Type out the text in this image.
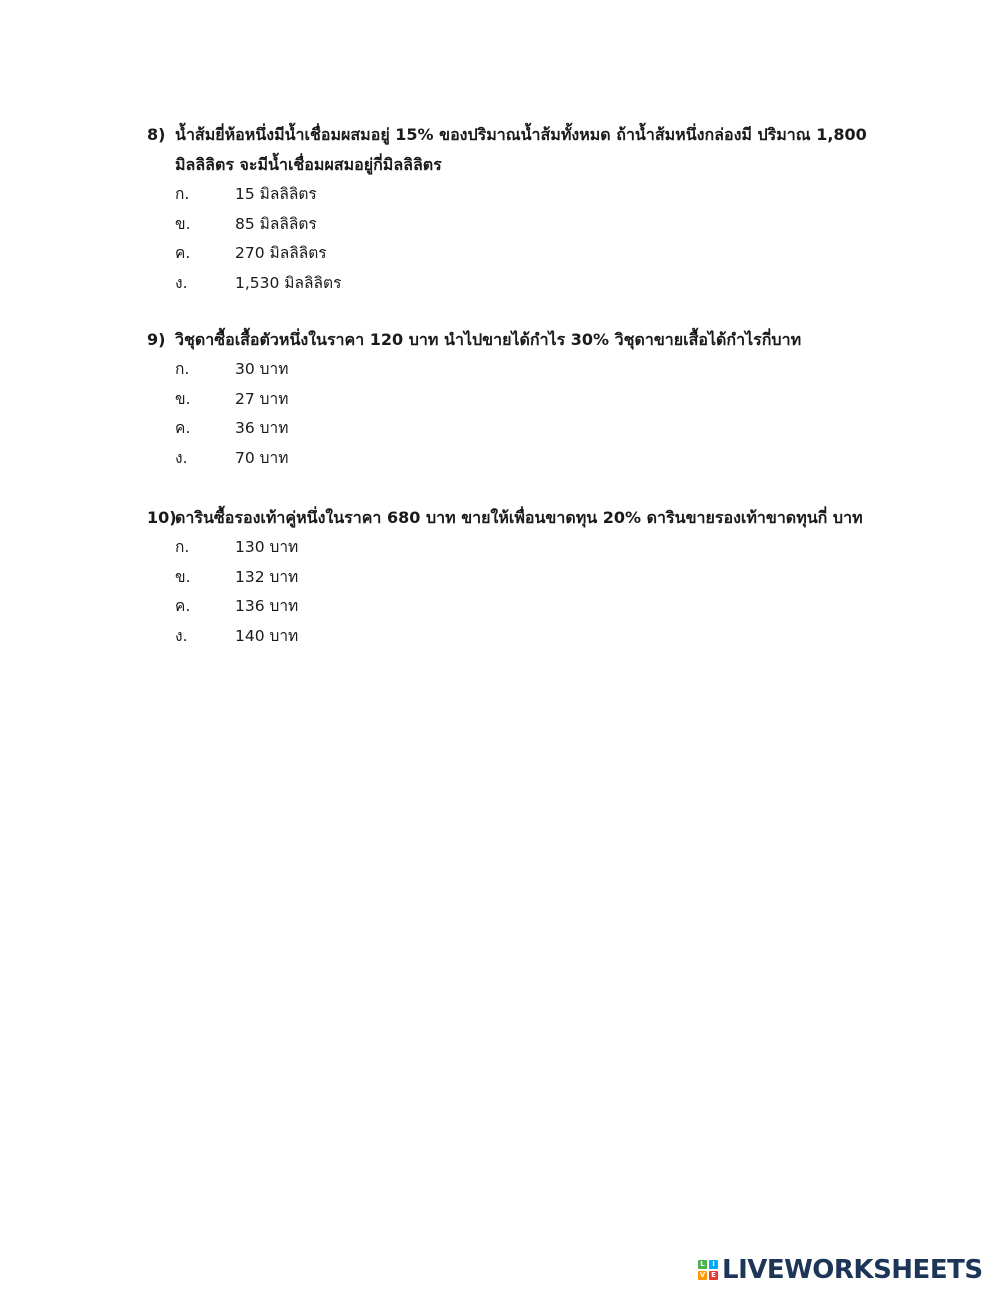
8) น้ำส้มยี่ห้อหนึ่งมีน้ำเชื่อมผสมอยู่ 15% ของปริมาณน้ำส้มทั้งหมด ถ้าน้ำส้มหนึ่งกล่องมี ปริมาณ 1,800 มิลลิลิตร จะมีน้ำเชื่อมผสมอยู่กี่มิลลิลิตร
ก.	15 มิลลิลิตร
ข.	85 มิลลิลิตร
ค.	270 มิลลิลิตร
ง.	1,530 มิลลิลิตร
9) วิชุดาซื้อเสื้อตัวหนึ่งในราคา 120 บาท นำไปขายได้กำไร 30% วิชุดาขายเสื้อได้กำไรกี่บาท
ก.	30 บาท
ข.	27 บาท
ค.	36 บาท
ง.	70 บาท
10)
ดารินซื้อรองเท้าคู่หนึ่งในราคา 680 บาท ขายให้เพื่อนขาดทุน 20% ดารินขายรองเท้าขาดทุนกี่ บาท
ก.	130 บาท
ข.	132 บาท
ค.	136 บาท
ง.	140 บาท
L	I
V E LIVEWORKSHEETS
